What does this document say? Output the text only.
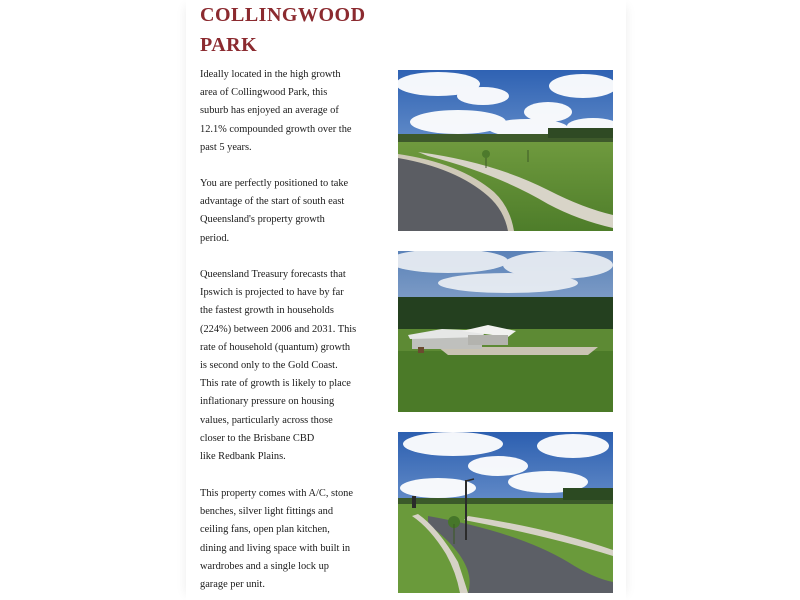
COLLINGWOOD
PARK
Ideally located in the high growth
area of Collingwood Park, this
suburb has enjoyed an average of
12.1% compounded growth over the
past 5 years.
You are perfectly positioned to take
advantage of the start of south east
Queensland's property growth
period.
Queensland Treasury forecasts that
Ipswich is projected to have by far
the fastest growth in households
(224%) between 2006 and 2031. This
rate of household (quantum) growth
is second only to the Gold Coast.
This rate of growth is likely to place
inflationary pressure on housing
values, particularly across those
closer to the Brisbane CBD
like Redbank Plains.
This property comes with A/C, stone
benches, silver light fittings and
ceiling fans, open plan kitchen,
dining and living space with built in
wardrobes and a single lock up
garage per unit.
